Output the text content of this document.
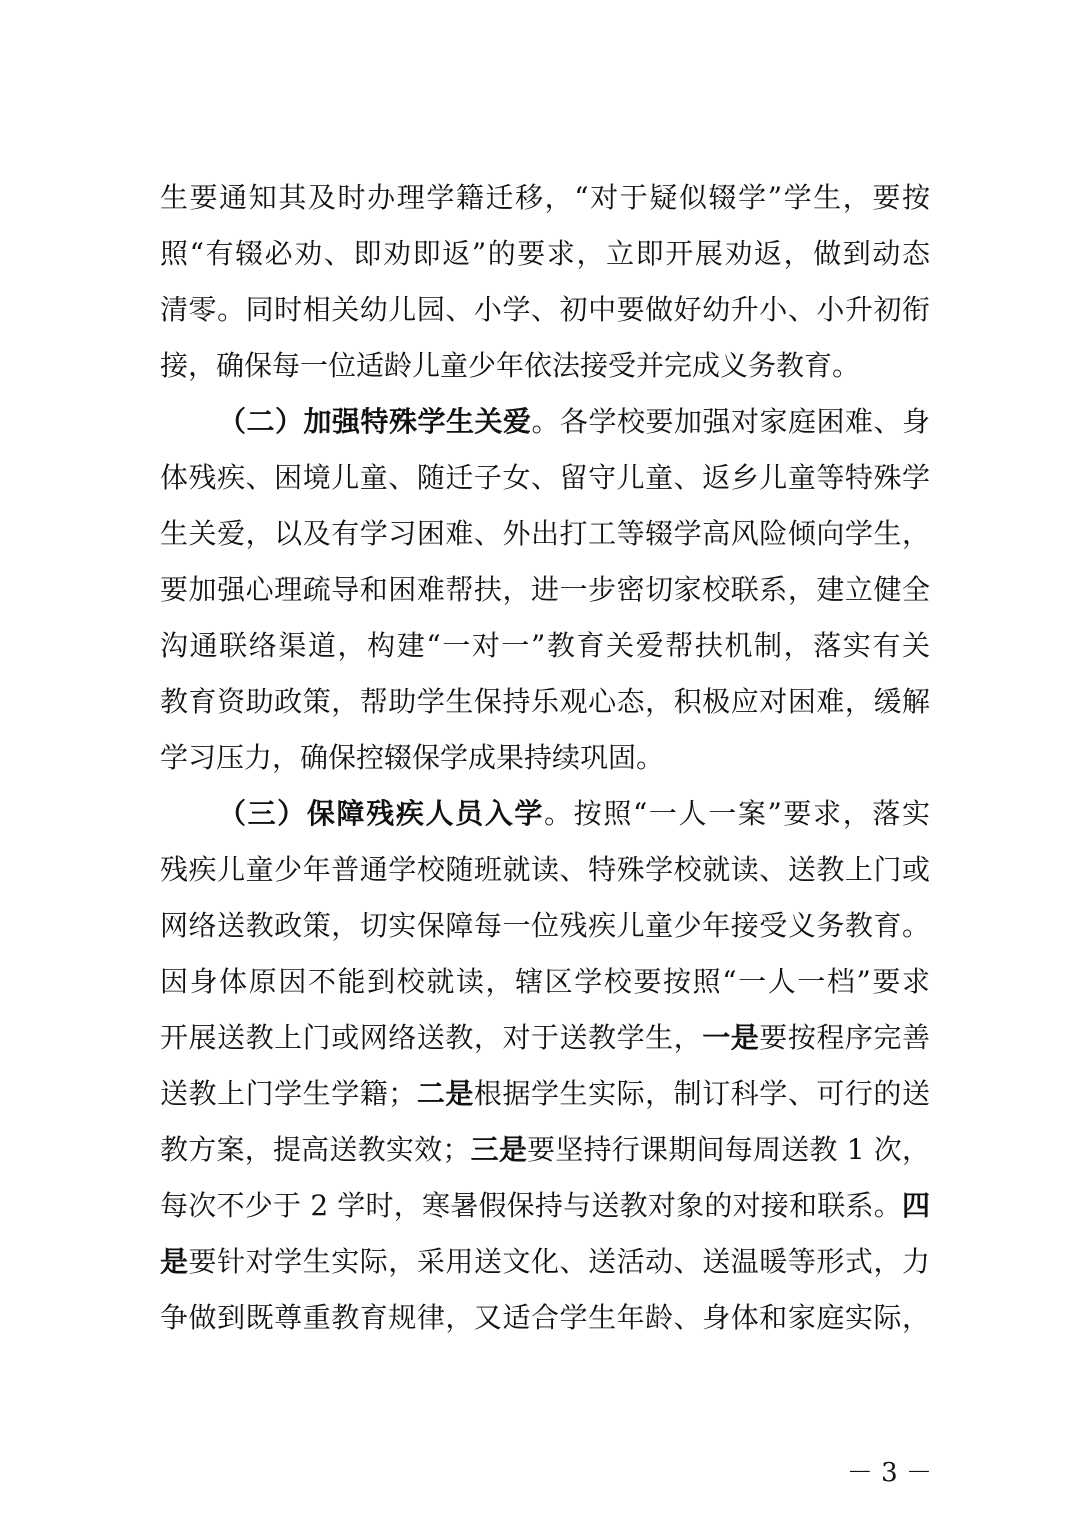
生要通知其及时办理学籍迁移，“对于疑似辍学”学生，要按
照“有辍必劝、即劝即返”的要求，立即开展劝返，做到动态
清零。同时相关幼儿园、小学、初中要做好幼升小、小升初衔
接，确保每一位适龄儿童少年依法接受并完成义务教育。
（二）加强特殊学生关爱。各学校要加强对家庭困难、身
体残疾、困境儿童、随迁子女、留守儿童、返乡儿童等特殊学
生关爱，以及有学习困难、外出打工等辍学高风险倾向学生，
要加强心理疏导和困难帮扶，进一步密切家校联系，建立健全
沟通联络渠道，构建“一对一”教育关爱帮扶机制，落实有关
教育资助政策，帮助学生保持乐观心态，积极应对困难，缓解
学习压力，确保控辍保学成果持续巩固。
（三）保障残疾人员入学。按照“一人一案”要求，落实
残疾儿童少年普通学校随班就读、特殊学校就读、送教上门或
网络送教政策，切实保障每一位残疾儿童少年接受义务教育。
因身体原因不能到校就读，辖区学校要按照“一人一档”要求
开展送教上门或网络送教，对于送教学生，一是要按程序完善
送教上门学生学籍；二是根据学生实际，制订科学、可行的送
教方案，提高送教实效；三是要坚持行课期间每周送教 1 次，
每次不少于 2 学时，寒暑假保持与送教对象的对接和联系。四
是要针对学生实际，采用送文化、送活动、送温暖等形式，力
争做到既尊重教育规律，又适合学生年龄、身体和家庭实际，
－ 3 －
